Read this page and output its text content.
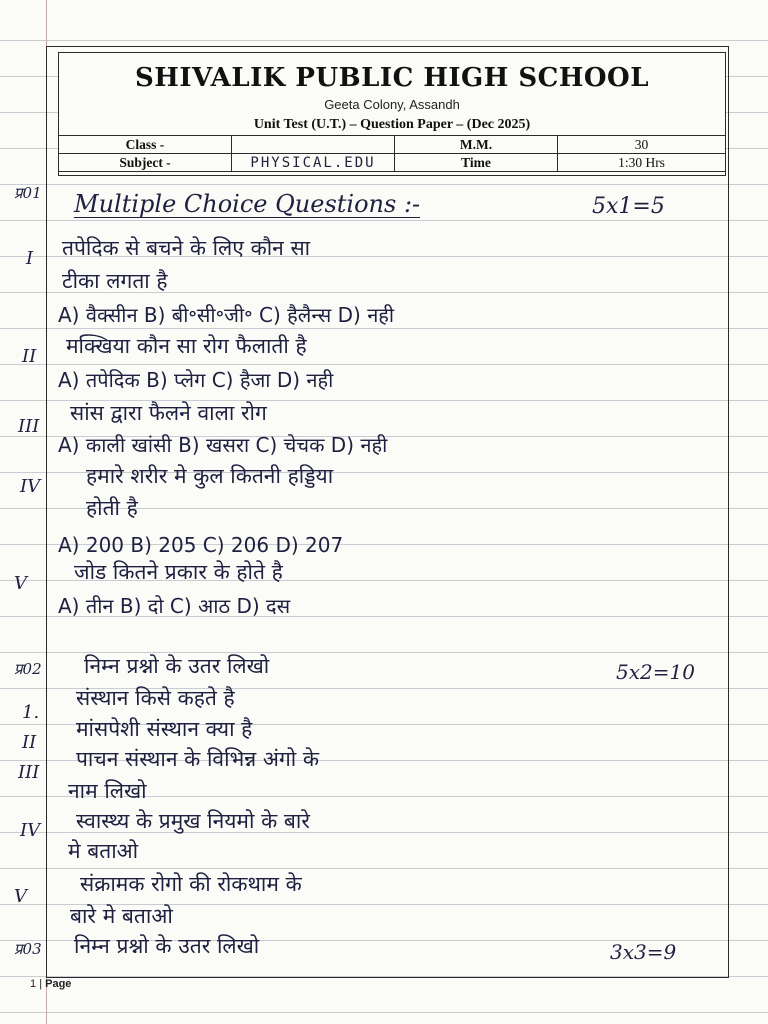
SHIVALIK PUBLIC HIGH SCHOOL
Geeta Colony, Assandh
Unit Test (U.T.) – Question Paper – (Dec 2025)
Class -		M.M.	30
Subject -	PHYSICAL.EDU	Time	1:30 Hrs
प्र01 Multiple Choice Questions :-	5x1=5
I तपेदिक से बचने के लिए कौन सा
टीका लगता है
A) वैक्सीन B) बी॰सी॰जी॰ C) हैलैन्स D) नही
II मक्खिया कौन सा रोग फैलाती है
A) तपेदिक B) प्लेग C) हैजा D) नही
III
सांस द्वारा फैलने वाला रोग
A) काली खांसी B) खसरा C) चेचक D) नही
IV हमारे शरीर मे कुल कितनी हड्डिया
होती है
A) 200 B) 205 C) 206 D) 207
V जोड कितने प्रकार के होते है
A) तीन B) दो C) आठ D) दस
प्र02 निम्न प्रश्नो के उतर लिखो	5x2=10
1.
संस्थान किसे कहते है
II
मांसपेशी संस्थान क्या है
III
पाचन संस्थान के विभिन्न अंगो के
नाम लिखो
IV स्वास्थ्य के प्रमुख नियमो के बारे
मे बताओ
V
संक्रामक रोगो की रोकथाम के
बारे मे बताओ
प्र03 निम्न प्रश्नो के उतर लिखो	3x3=9
1 | Page
